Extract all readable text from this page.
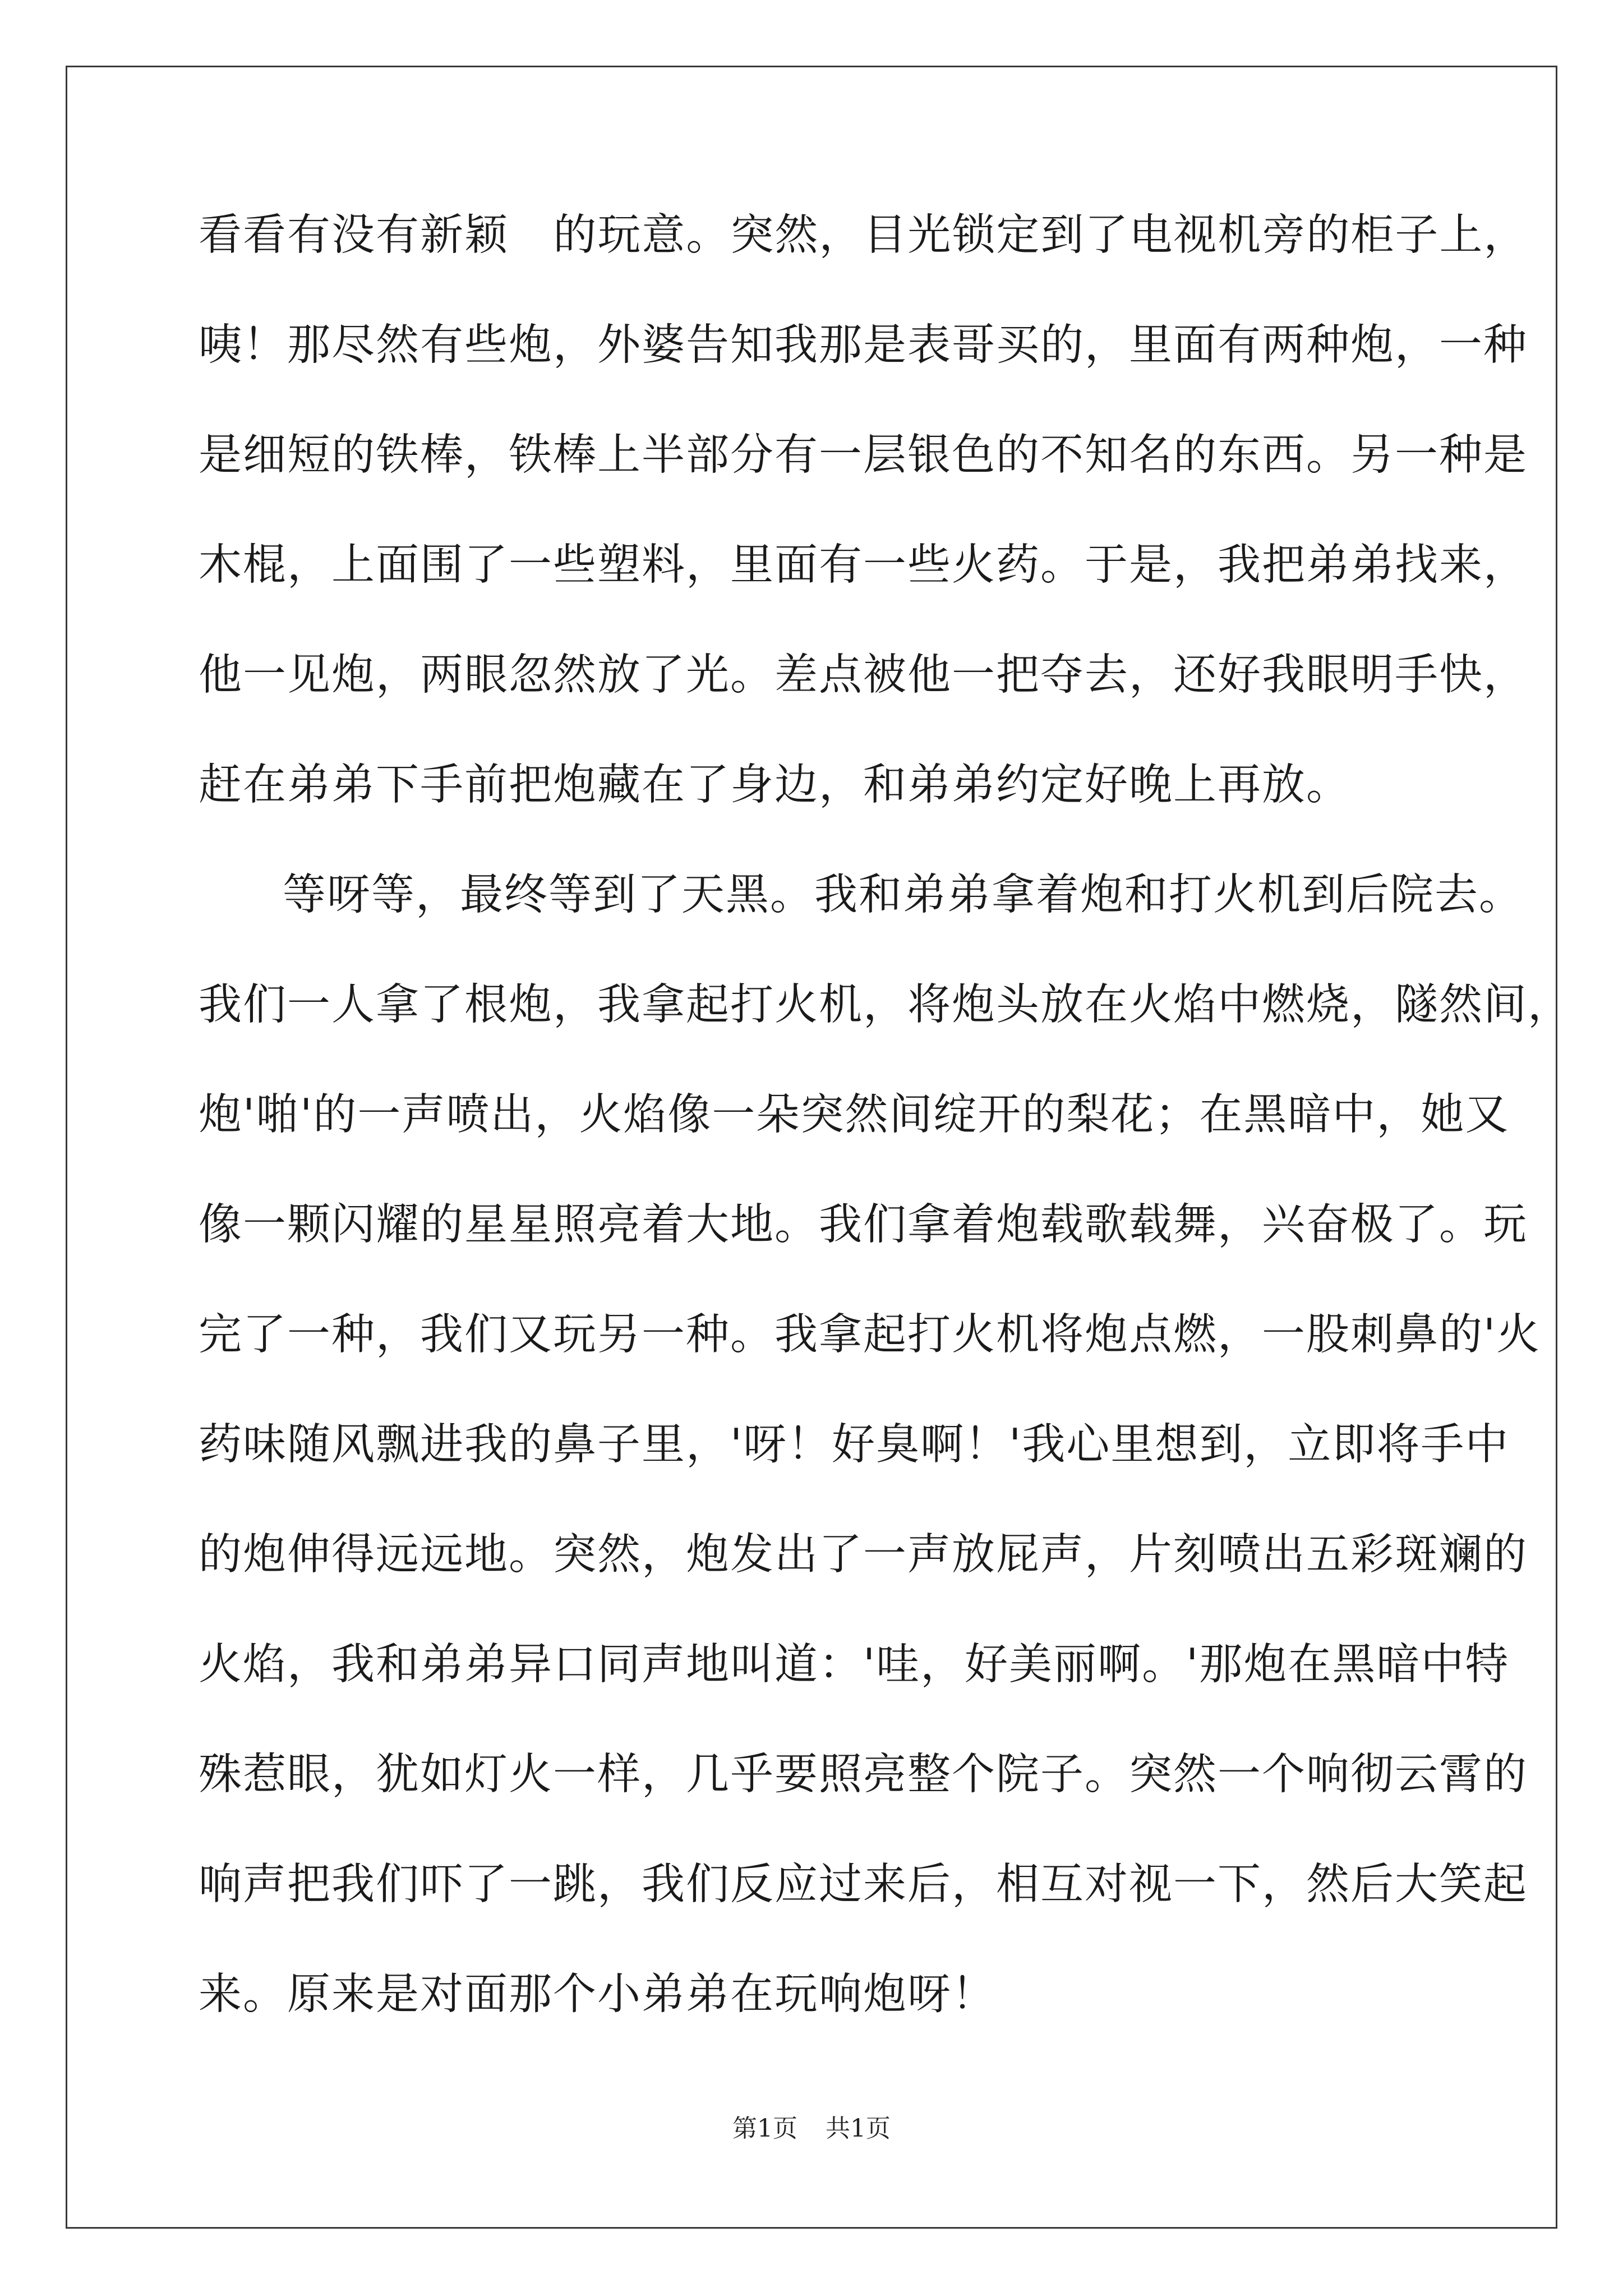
看看有没有新颖   的玩意。突然，目光锁定到了电视机旁的柜子上，
咦！那尽然有些炮，外婆告知我那是表哥买的，里面有两种炮，一种
是细短的铁棒，铁棒上半部分有一层银色的不知名的东西。另一种是
木棍，上面围了一些塑料，里面有一些火药。于是，我把弟弟找来，
他一见炮，两眼忽然放了光。差点被他一把夺去，还好我眼明手快，
赶在弟弟下手前把炮藏在了身边，和弟弟约定好晚上再放。
等呀等，最终等到了天黑。我和弟弟拿着炮和打火机到后院去。
我们一人拿了根炮，我拿起打火机，将炮头放在火焰中燃烧，隧然间，
炮'啪'的一声喷出，火焰像一朵突然间绽开的梨花；在黑暗中，她又
像一颗闪耀的星星照亮着大地。我们拿着炮载歌载舞，兴奋极了。玩
完了一种，我们又玩另一种。我拿起打火机将炮点燃，一股刺鼻的'火
药味随风飘进我的鼻子里，'呀！好臭啊！'我心里想到，立即将手中
的炮伸得远远地。突然，炮发出了一声放屁声，片刻喷出五彩斑斓的
火焰，我和弟弟异口同声地叫道：'哇，好美丽啊。'那炮在黑暗中特
殊惹眼，犹如灯火一样，几乎要照亮整个院子。突然一个响彻云霄的
响声把我们吓了一跳，我们反应过来后，相互对视一下，然后大笑起
来。原来是对面那个小弟弟在玩响炮呀！
第1页 共1页
